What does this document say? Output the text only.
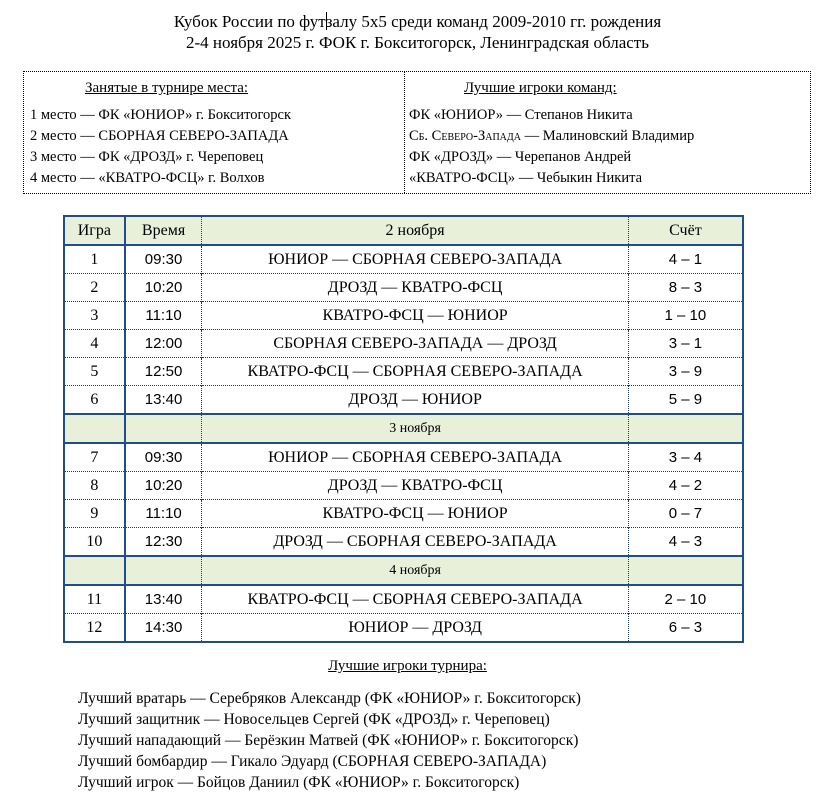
Кубок России по футзалу 5х5 среди команд 2009-2010 гг. рождения
2-4 ноября 2025 г. ФОК г. Бокситогорск, Ленинградская область
Занятые в турнире места:
1 место — ФК «ЮНИОР» г. Бокситогорск
2 место — СБОРНАЯ СЕВЕРО-ЗАПАДА
3 место — ФК «ДРОЗД» г. Череповец
4 место — «КВАТРО-ФСЦ» г. Волхов
Лучшие игроки команд:
ФК «ЮНИОР» — Степанов Никита
Сб. Северо-Запада — Малиновский Владимир
ФК «ДРОЗД» — Черепанов Андрей
«КВАТРО-ФСЦ» — Чебыкин Никита
Игра	Время	2 ноября	Счёт
1	09:30	ЮНИОР — СБОРНАЯ СЕВЕРО-ЗАПАДА	4 – 1
2	10:20	ДРОЗД — КВАТРО-ФСЦ	8 – 3
3	11:10	КВАТРО-ФСЦ — ЮНИОР	1 – 10
4	12:00	СБОРНАЯ СЕВЕРО-ЗАПАДА — ДРОЗД	3 – 1
5	12:50	КВАТРО-ФСЦ — СБОРНАЯ СЕВЕРО-ЗАПАДА	3 – 9
6	13:40	ДРОЗД — ЮНИОР	5 – 9
		3 ноября	
7	09:30	ЮНИОР — СБОРНАЯ СЕВЕРО-ЗАПАДА	3 – 4
8	10:20	ДРОЗД — КВАТРО-ФСЦ	4 – 2
9	11:10	КВАТРО-ФСЦ — ЮНИОР	0 – 7
10	12:30	ДРОЗД — СБОРНАЯ СЕВЕРО-ЗАПАДА	4 – 3
		4 ноября	
11	13:40	КВАТРО-ФСЦ — СБОРНАЯ СЕВЕРО-ЗАПАДА	2 – 10
12	14:30	ЮНИОР — ДРОЗД	6 – 3
Лучшие игроки турнира:
Лучший вратарь — Серебряков Александр (ФК «ЮНИОР» г. Бокситогорск)
Лучший защитник — Новосельцев Сергей (ФК «ДРОЗД» г. Череповец)
Лучший нападающий — Берёзкин Матвей (ФК «ЮНИОР» г. Бокситогорск)
Лучший бомбардир — Гикало Эдуард (СБОРНАЯ СЕВЕРО-ЗАПАДА)
Лучший игрок — Бойцов Даниил (ФК «ЮНИОР» г. Бокситогорск)
